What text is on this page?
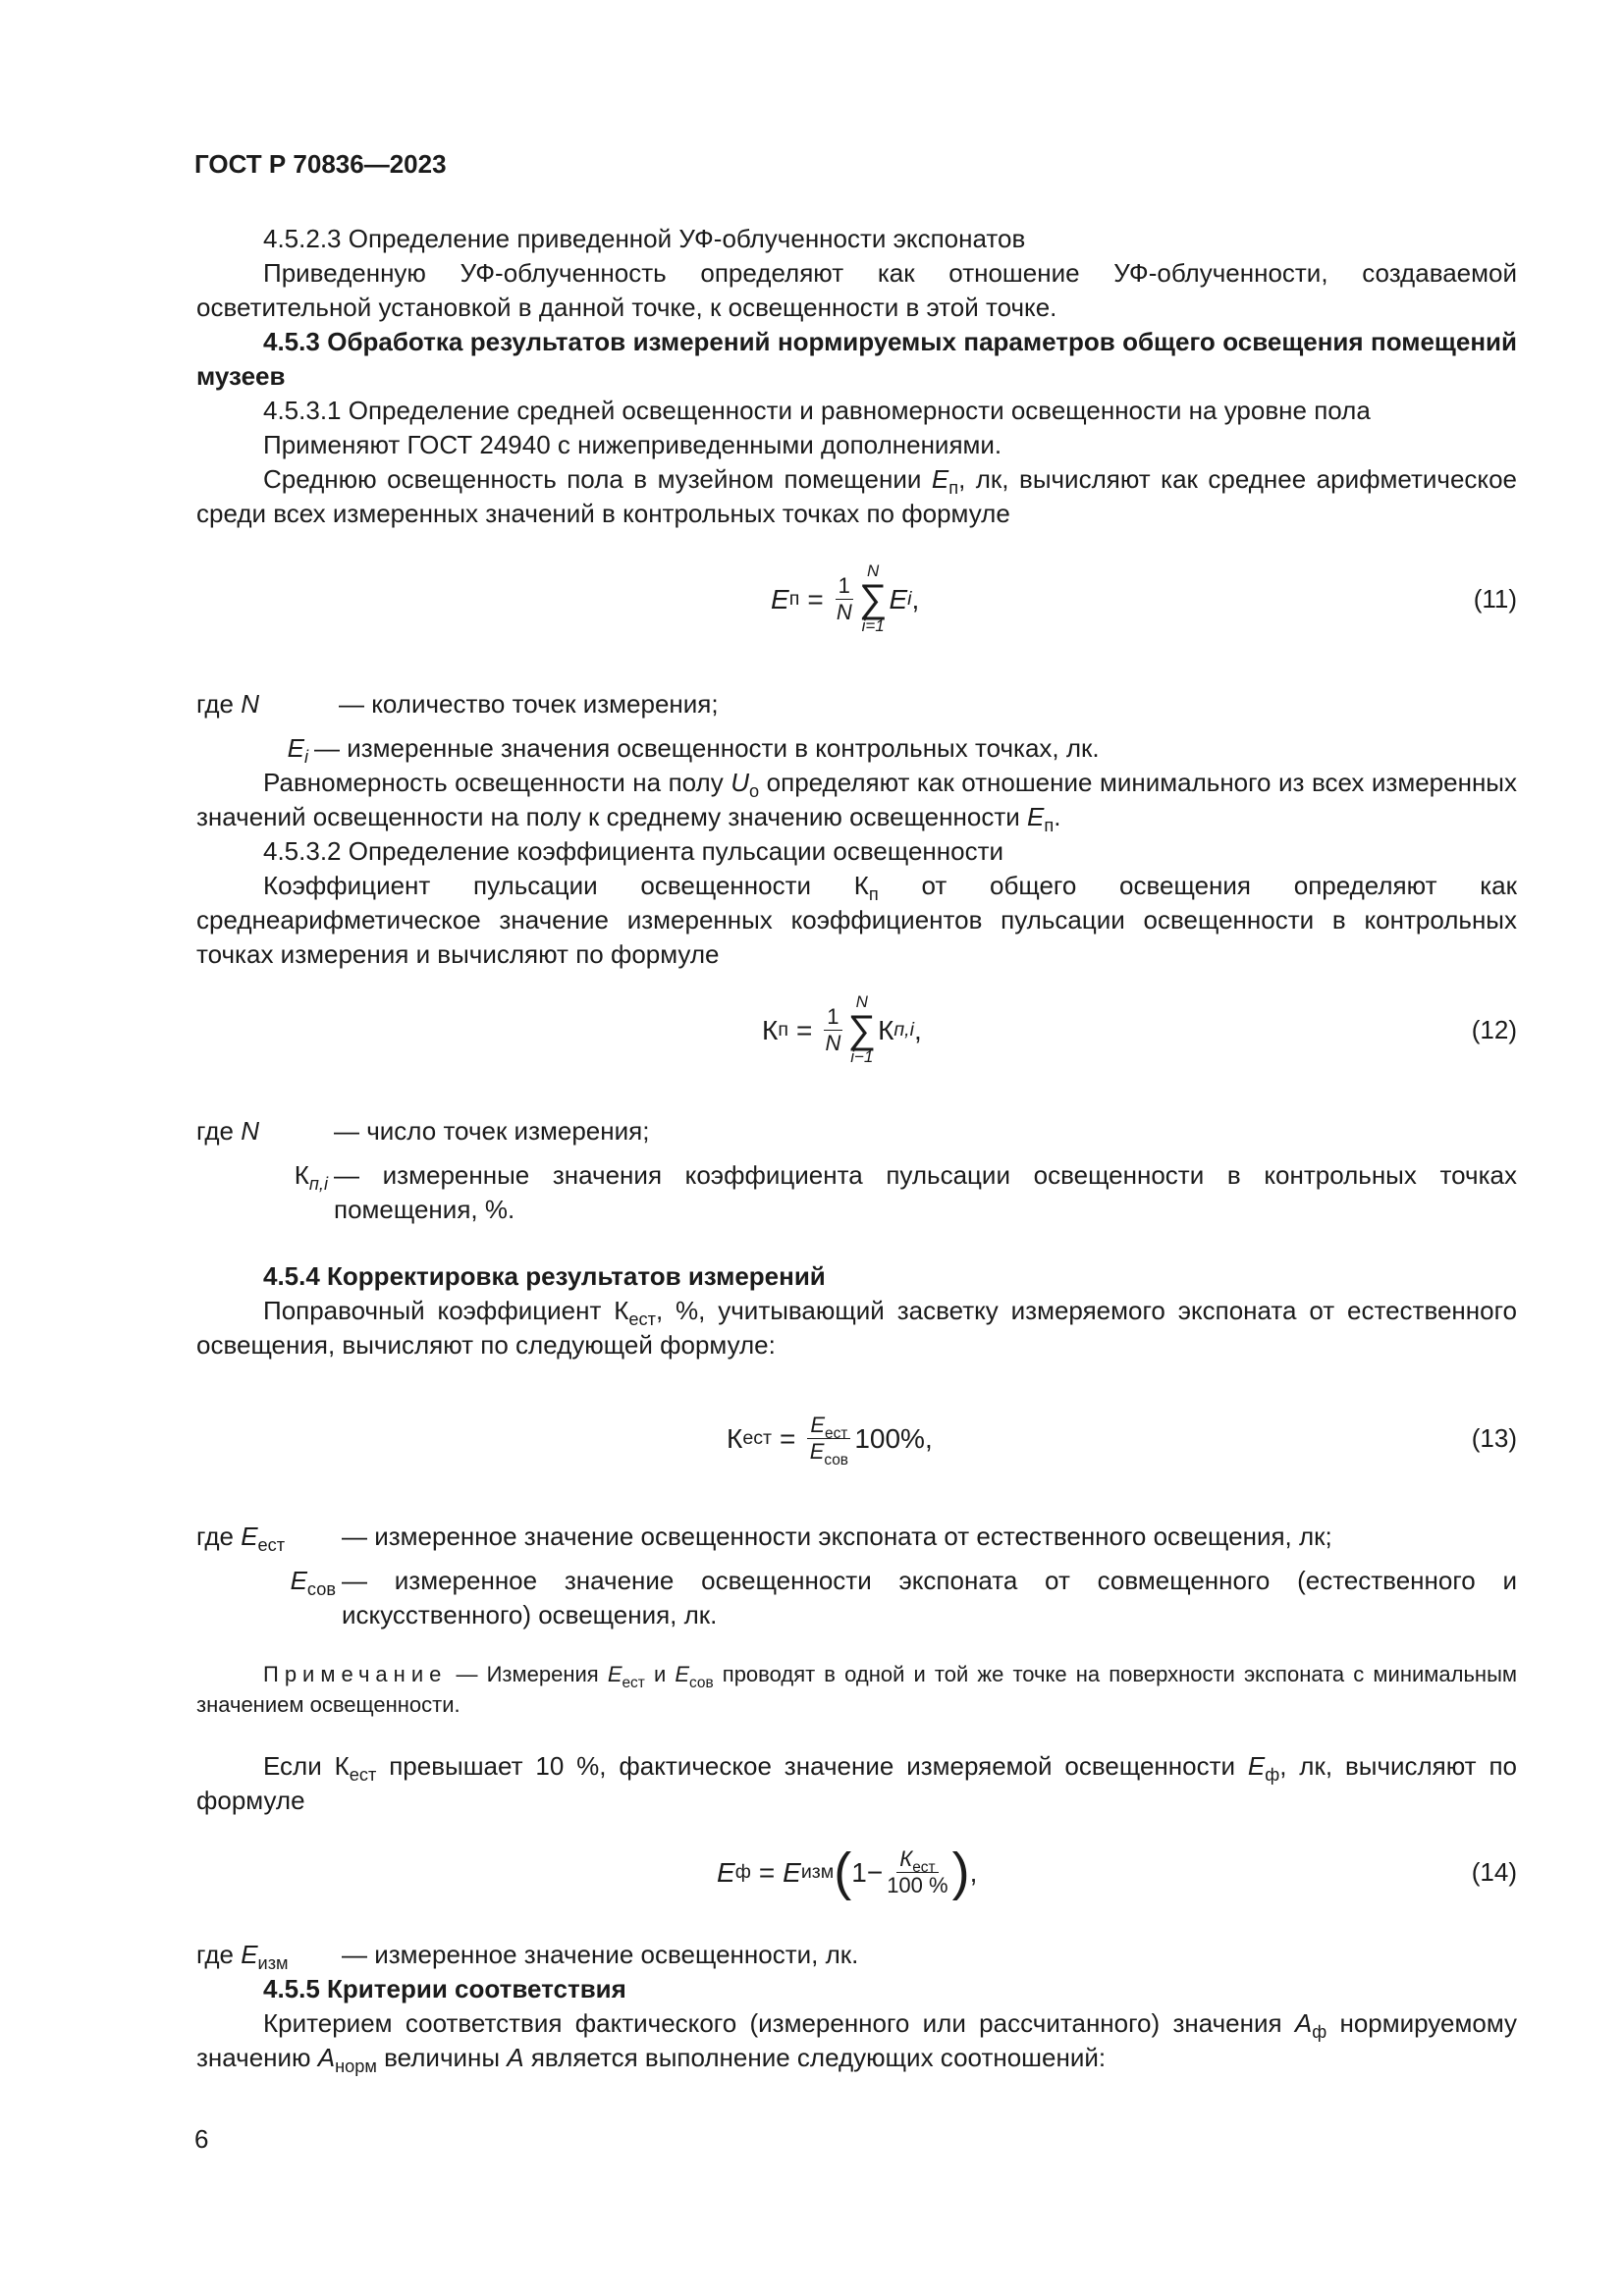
ГОСТ Р 70836—2023
4.5.2.3 Определение приведенной УФ-облученности экспонатов
Приведенную УФ-облученность определяют как отношение УФ-облученности, создаваемой осветительной установкой в данной точке, к освещенности в этой точке.
4.5.3 Обработка результатов измерений нормируемых параметров общего освещения помещений музеев
4.5.3.1 Определение средней освещенности и равномерности освещенности на уровне пола
Применяют ГОСТ 24940 с нижеприведенными дополнениями.
Среднюю освещенность пола в музейном помещении $E_п$, лк, вычисляют как среднее арифметическое среди всех измеренных значений в контрольных точках по формуле
E $п = \frac{1}{N}$
N
∑
i=1
E i ,	(11)
где N	— количество точек измерения;
$E_i$ — измеренные значения освещенности в контрольных точках, лк.
Равномерность освещенности на полу $U_о$ определяют как отношение минимального из всех измеренных значений освещенности на полу к среднему значению освещенности $E_п$.
4.5.3.2 Определение коэффициента пульсации освещенности
Коэффициент пульсации освещенности $К_п$ от общего освещения определяют как среднеарифметическое значение измеренных коэффициентов пульсации освещенности в контрольных точках измерения и вычисляют по формуле
К $п = \frac{1}{N}$
N
∑
i−1
К п,i ,	(12)
где N	— число точек измерения;
$К_{п,i}$ — измеренные значения коэффициента пульсации освещенности в контрольных точках помещения, %.
4.5.4 Корректировка результатов измерений
Поправочный коэффициент $К_{ест}$, %, учитывающий засветку измеряемого экспоната от естественного освещения, вычисляют по следующей формуле:
К ест = $\frac{E_{ест}}{E_{сов}} 100\%$ ,	(13)
где $E_{ест}$	— измеренное значение освещенности экспоната от естественного освещения, лк;
$E_{сов}$ — измеренное значение освещенности экспоната от совмещенного (естественного и искусственного) освещения, лк.
Примечание — Измерения $E_{ест}$ и $E_{сов}$ проводят в одной и той же точке на поверхности экспоната с минимальным значением освещенности.
Если $К_{ест}$ превышает 10 %, фактическое значение измеряемой освещенности $E_ф$, лк, вычисляют по формуле
E ф = E изм ( $1- \frac{К_{ест}}{100 \%}$ ) ,	(14)
где $E_{изм}$	— измеренное значение освещенности, лк.
4.5.5 Критерии соответствия
Критерием соответствия фактического (измеренного или рассчитанного) значения $A_ф$ нормируемому значению $A_{норм}$ величины A является выполнение следующих соотношений:
6
